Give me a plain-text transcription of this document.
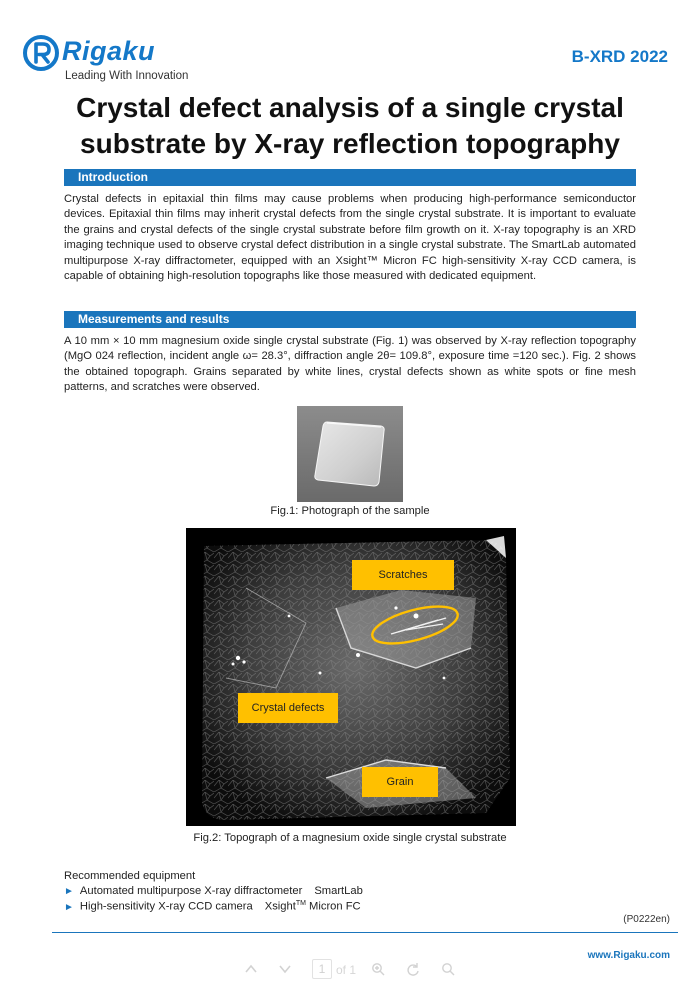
Rigaku
Leading With Innovation
B-XRD 2022
Crystal defect analysis of a single crystal
substrate by X-ray reflection topography
Introduction
Crystal defects in epitaxial thin films may cause problems when producing high-performance semiconductor devices. Epitaxial thin films may inherit crystal defects from the single crystal substrate. It is important to evaluate the grains and crystal defects of the single crystal substrate before film growth on it. X-ray topography is an XRD imaging technique used to observe crystal defect distribution in a single crystal substrate. The SmartLab automated multipurpose X-ray diffractometer, equipped with an Xsight™ Micron FC high-sensitivity X-ray CCD camera, is capable of obtaining high-resolution topographs like those measured with dedicated equipment.
Measurements and results
A 10 mm × 10 mm magnesium oxide single crystal substrate (Fig. 1) was observed by X-ray reflection topography (MgO 024 reflection, incident angle ω= 28.3°, diffraction angle 2θ= 109.8°, exposure time =120 sec.). Fig. 2 shows the obtained topograph. Grains separated by white lines, crystal defects shown as white spots or fine mesh patterns, and scratches were observed.
Fig.1: Photograph of the sample
Scratches
Crystal defects
Grain
Fig.2: Topograph of a magnesium oxide single crystal substrate
Recommended equipment
► Automated multipurpose X-ray diffractometer SmartLab
► High-sensitivity X-ray CCD camera Xsight™ Micron FC
(P0222en)
www.Rigaku.com
1 of 1
